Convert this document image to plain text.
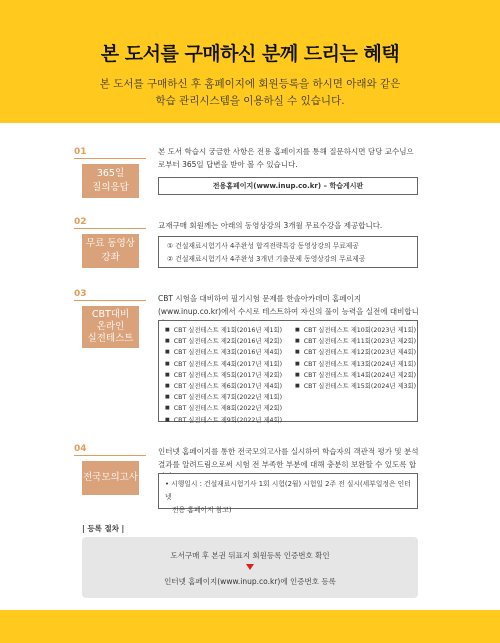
본 도서를 구매하신 분께 드리는 혜택
본 도서를 구매하신 후 홈페이지에 회원등록을 하시면 아래와 같은
학습 관리시스템을 이용하실 수 있습니다.
01
365일
질의응답
본 도서 학습시 궁금한 사항은 전용 홈페이지를 통해 질문하시면 담당 교수님으로부터 365일 답변을 받아 볼 수 있습니다.
전용홈페이지(www.inup.co.kr) – 학습게시판
02
무료 동영상
강좌
교재구매 회원께는 아래의 동영상강의 3개월 무료수강을 제공합니다.
① 건설재료시험기사 4주완성 합격전략특강 동영상강의 무료제공
② 건설재료시험기사 4주완성 3개년 기출문제 동영상강의 무료제공
03
CBT대비
온라인
실전테스트
CBT 시험을 대비하여 필기시험 문제를 한솔아카데미 홈페이지(www.inup.co.kr)에서 수시로 테스트하여 자신의 풀이 능력을 실전에 대비합니
■ CBT 실전테스트 제1회(2016년 제1회)
■ CBT 실전테스트 제2회(2016년 제2회)
■ CBT 실전테스트 제3회(2016년 제4회)
■ CBT 실전테스트 제4회(2017년 제1회)
■ CBT 실전테스트 제5회(2017년 제2회)
■ CBT 실전테스트 제6회(2017년 제4회)
■ CBT 실전테스트 제7회(2022년 제1회)
■ CBT 실전테스트 제8회(2022년 제2회)
■ CBT 실전테스트 제9회(2022년 제4회)
■ CBT 실전테스트 제10회(2023년 제1회)
■ CBT 실전테스트 제11회(2023년 제2회)
■ CBT 실전테스트 제12회(2023년 제4회)
■ CBT 실전테스트 제13회(2024년 제1회)
■ CBT 실전테스트 제14회(2024년 제2회)
■ CBT 실전테스트 제15회(2024년 제3회)
04
전국모의고사
인터넷 홈페이지를 통한 전국모의고사를 실시하여 학습자의 객관적 평가 및 분석결과를 알려드림으로써 시험 전 부족한 부분에 대해 충분히 보완할 수 있도록 합
• 시행일시 : 건설재료시험기사 1회 시험(2월) 시험일 2주 전 실시(세부일정은 인터넷
전용 홈페이지 참고)
| 등록 절차 |
도서구매 후 본권 뒤표지 회원등록 인증번호 확인
인터넷 홈페이지(www.inup.co.kr)에 인증번호 등록
